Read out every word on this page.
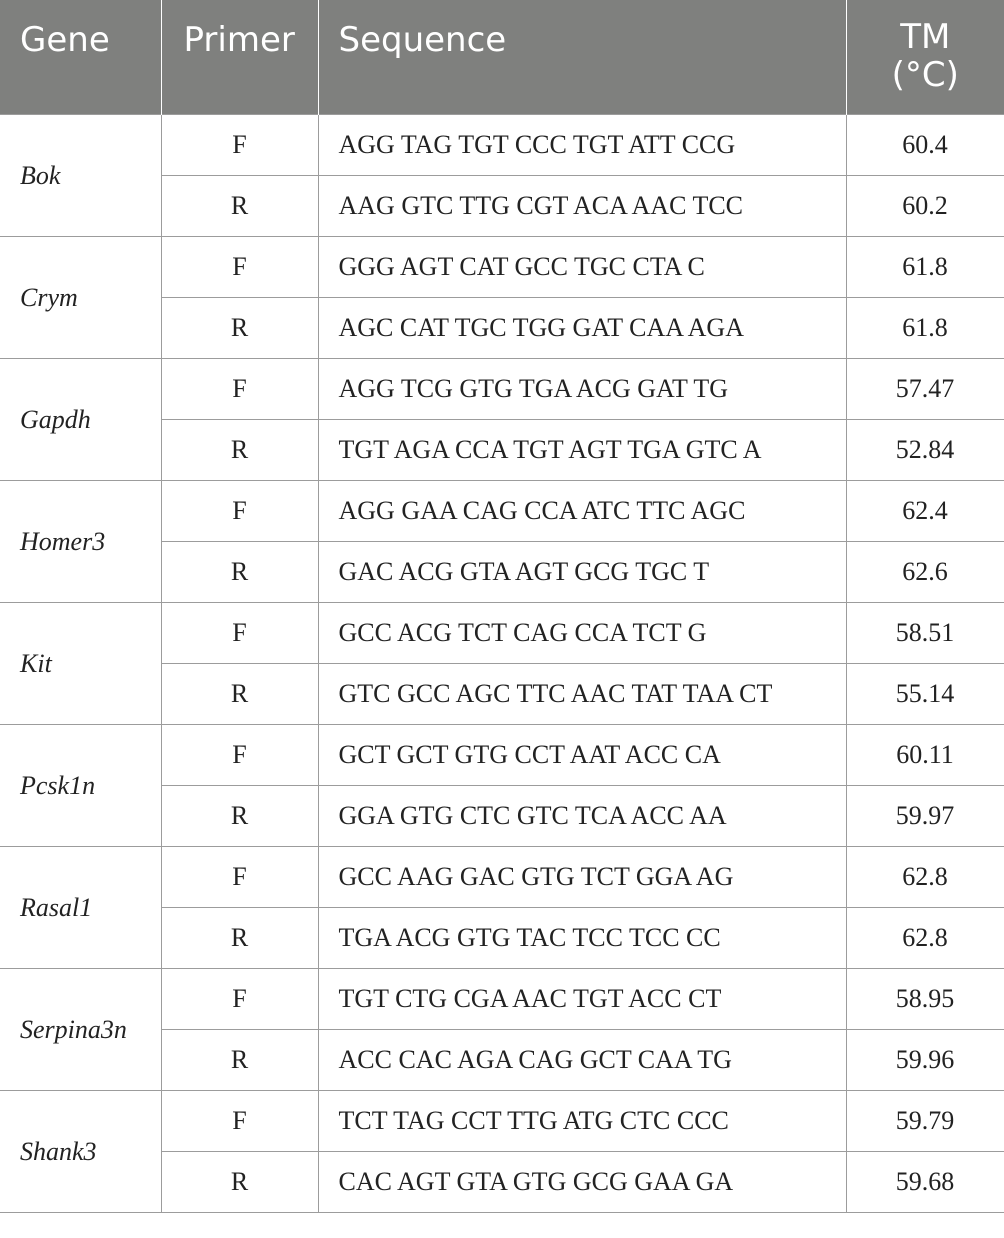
Gene	Primer	Sequence	TM
(°C)

Bok	F	AGG TAG TGT CCC TGT ATT CCG	60.4
	R	AAG GTC TTG CGT ACA AAC TCC	60.2
Crym	F	GGG AGT CAT GCC TGC CTA C	61.8
	R	AGC CAT TGC TGG GAT CAA AGA	61.8
Gapdh	F	AGG TCG GTG TGA ACG GAT TG	57.47
	R	TGT AGA CCA TGT AGT TGA GTC A	52.84
Homer3	F	AGG GAA CAG CCA ATC TTC AGC	62.4
	R	GAC ACG GTA AGT GCG TGC T	62.6
Kit	F	GCC ACG TCT CAG CCA TCT G	58.51
	R	GTC GCC AGC TTC AAC TAT TAA CT	55.14
Pcsk1n	F	GCT GCT GTG CCT AAT ACC CA	60.11
	R	GGA GTG CTC GTC TCA ACC AA	59.97
Rasal1	F	GCC AAG GAC GTG TCT GGA AG	62.8
	R	TGA ACG GTG TAC TCC TCC CC	62.8
Serpina3n	F	TGT CTG CGA AAC TGT ACC CT	58.95
	R	ACC CAC AGA CAG GCT CAA TG	59.96
Shank3	F	TCT TAG CCT TTG ATG CTC CCC	59.79
	R	CAC AGT GTA GTG GCG GAA GA	59.68
